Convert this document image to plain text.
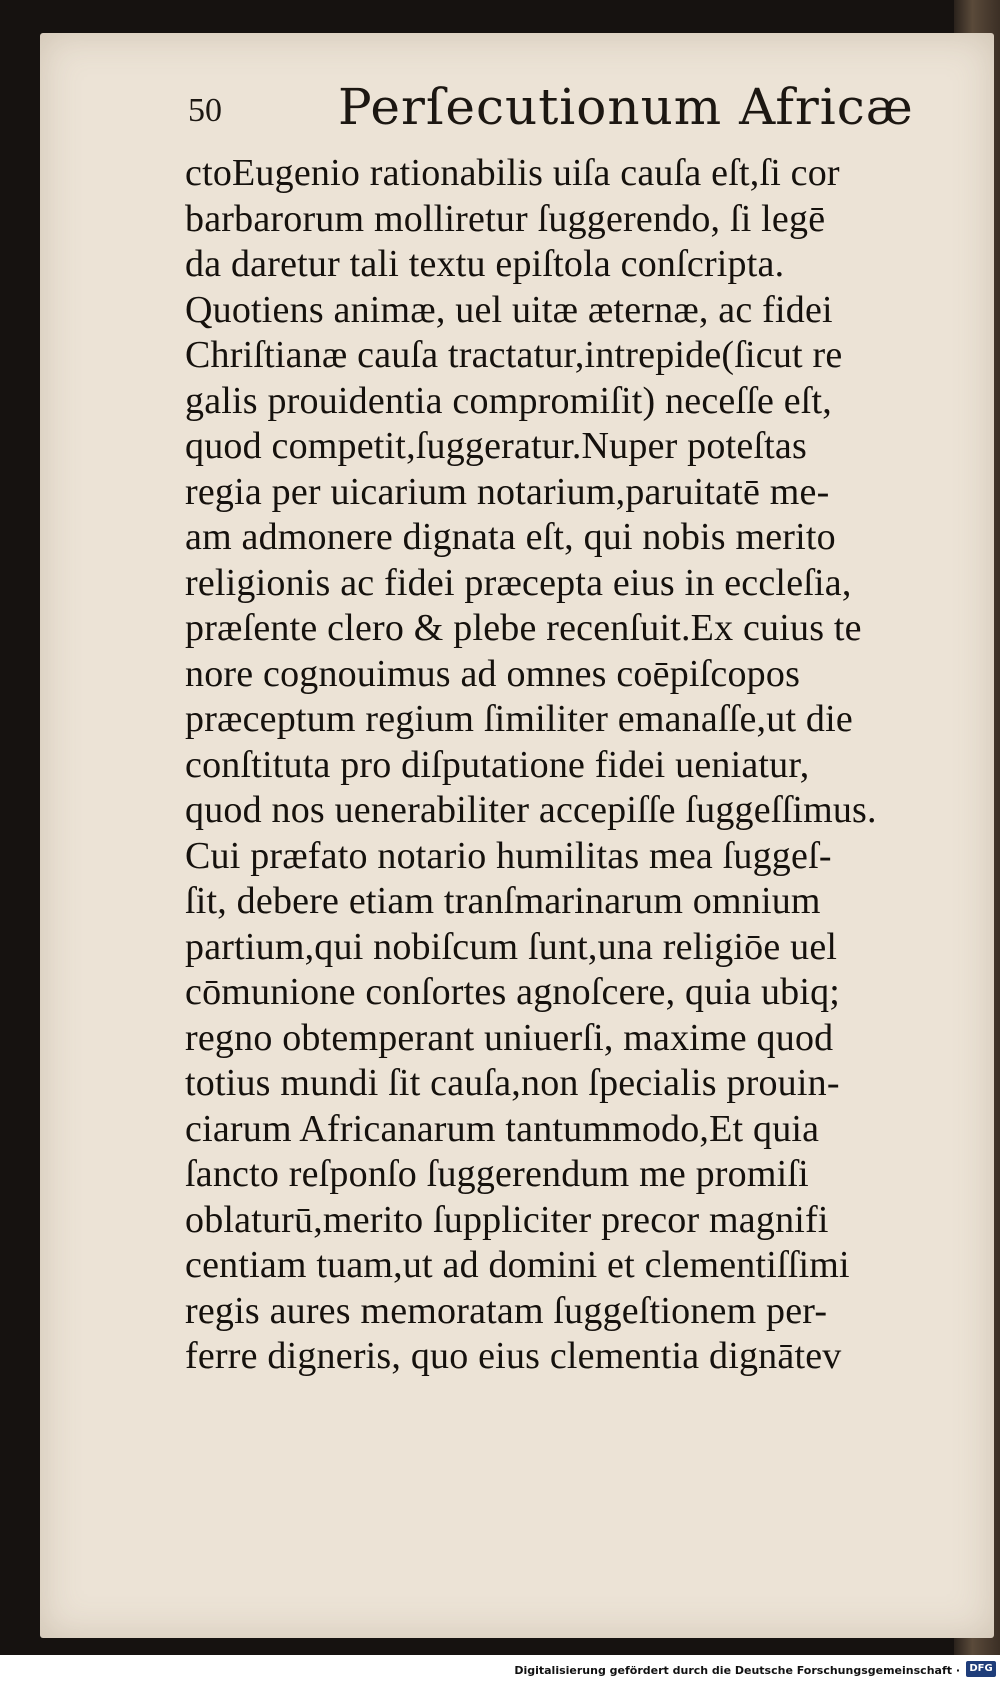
50 Perſecutionum Africæ
ctoEugenio rationabilis uiſa cauſa eſt,ſi cor
barbarorum molliretur ſuggerendo, ſi legē
da daretur tali textu epiſtola conſcripta.
Quotiens animæ, uel uitæ æternæ, ac fidei
Chriſtianæ cauſa tractatur,intrepide(ſicut re
galis prouidentia compromiſit) neceſſe eſt,
quod competit,ſuggeratur.Nuper poteſtas
regia per uicarium notarium,paruitatē me-
am admonere dignata eſt, qui nobis merito
religionis ac fidei præcepta eius in eccleſia,
præſente clero & plebe recenſuit.Ex cuius te
nore cognouimus ad omnes coēpiſcopos
præceptum regium ſimiliter emanaſſe,ut die
conſtituta pro diſputatione fidei ueniatur,
quod nos uenerabiliter accepiſſe ſuggeſſimus.
Cui præfato notario humilitas mea ſuggeſ-
ſit, debere etiam tranſmarinarum omnium
partium,qui nobiſcum ſunt,una religiōe uel
cōmunione conſortes agnoſcere, quia ubiq;
regno obtemperant uniuerſi, maxime quod
totius mundi ſit cauſa,non ſpecialis prouin-
ciarum Africanarum tantummodo,Et quia
ſancto reſponſo ſuggerendum me promiſi
oblaturū,merito ſuppliciter precor magnifi
centiam tuam,ut ad domini et clementiſſimi
regis aures memoratam ſuggeſtionem per-
ferre digneris, quo eius clementia dignātev
Digitalisierung gefördert durch die Deutsche Forschungsgemeinschaft · DFG
